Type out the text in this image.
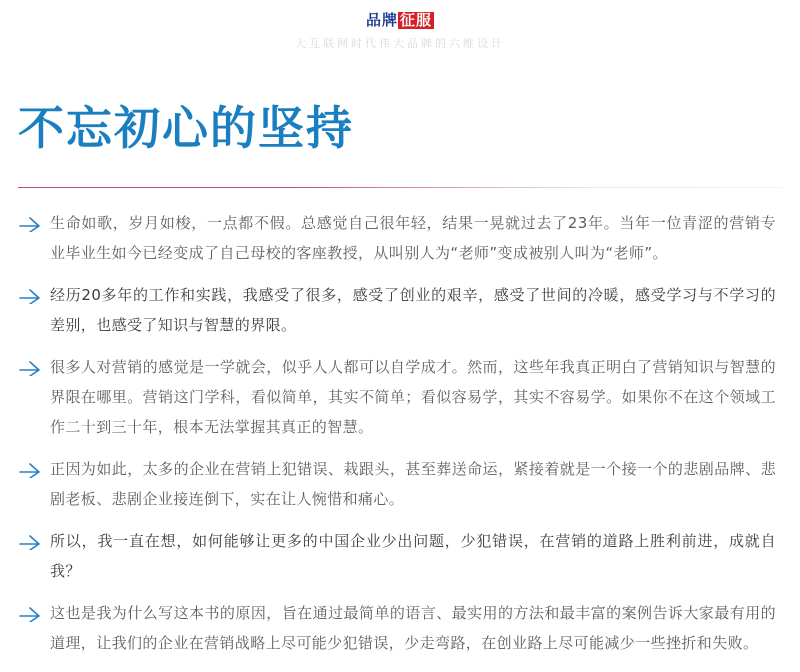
品牌 征服
大互联网时代伟大品牌的六维设计
不忘初心的坚持
生命如歌，岁月如梭，一点都不假。总感觉自己很年轻，结果一晃就过去了23年。当年一位青涩的营销专业毕业生如今已经变成了自己母校的客座教授，从叫别人为“老师”变成被别人叫为“老师”。
经历20多年的工作和实践，我感受了很多，感受了创业的艰辛，感受了世间的冷暖，感受学习与不学习的差别，也感受了知识与智慧的界限。
很多人对营销的感觉是一学就会，似乎人人都可以自学成才。然而，这些年我真正明白了营销知识与智慧的界限在哪里。营销这门学科，看似简单，其实不简单；看似容易学，其实不容易学。如果你不在这个领域工作二十到三十年，根本无法掌握其真正的智慧。
正因为如此，太多的企业在营销上犯错误、栽跟头，甚至葬送命运，紧接着就是一个接一个的悲剧品牌、悲剧老板、悲剧企业接连倒下，实在让人惋惜和痛心。
所以，我一直在想，如何能够让更多的中国企业少出问题，少犯错误，在营销的道路上胜利前进，成就自我？
这也是我为什么写这本书的原因，旨在通过最简单的语言、最实用的方法和最丰富的案例告诉大家最有用的道理，让我们的企业在营销战略上尽可能少犯错误，少走弯路，在创业路上尽可能减少一些挫折和失败。
